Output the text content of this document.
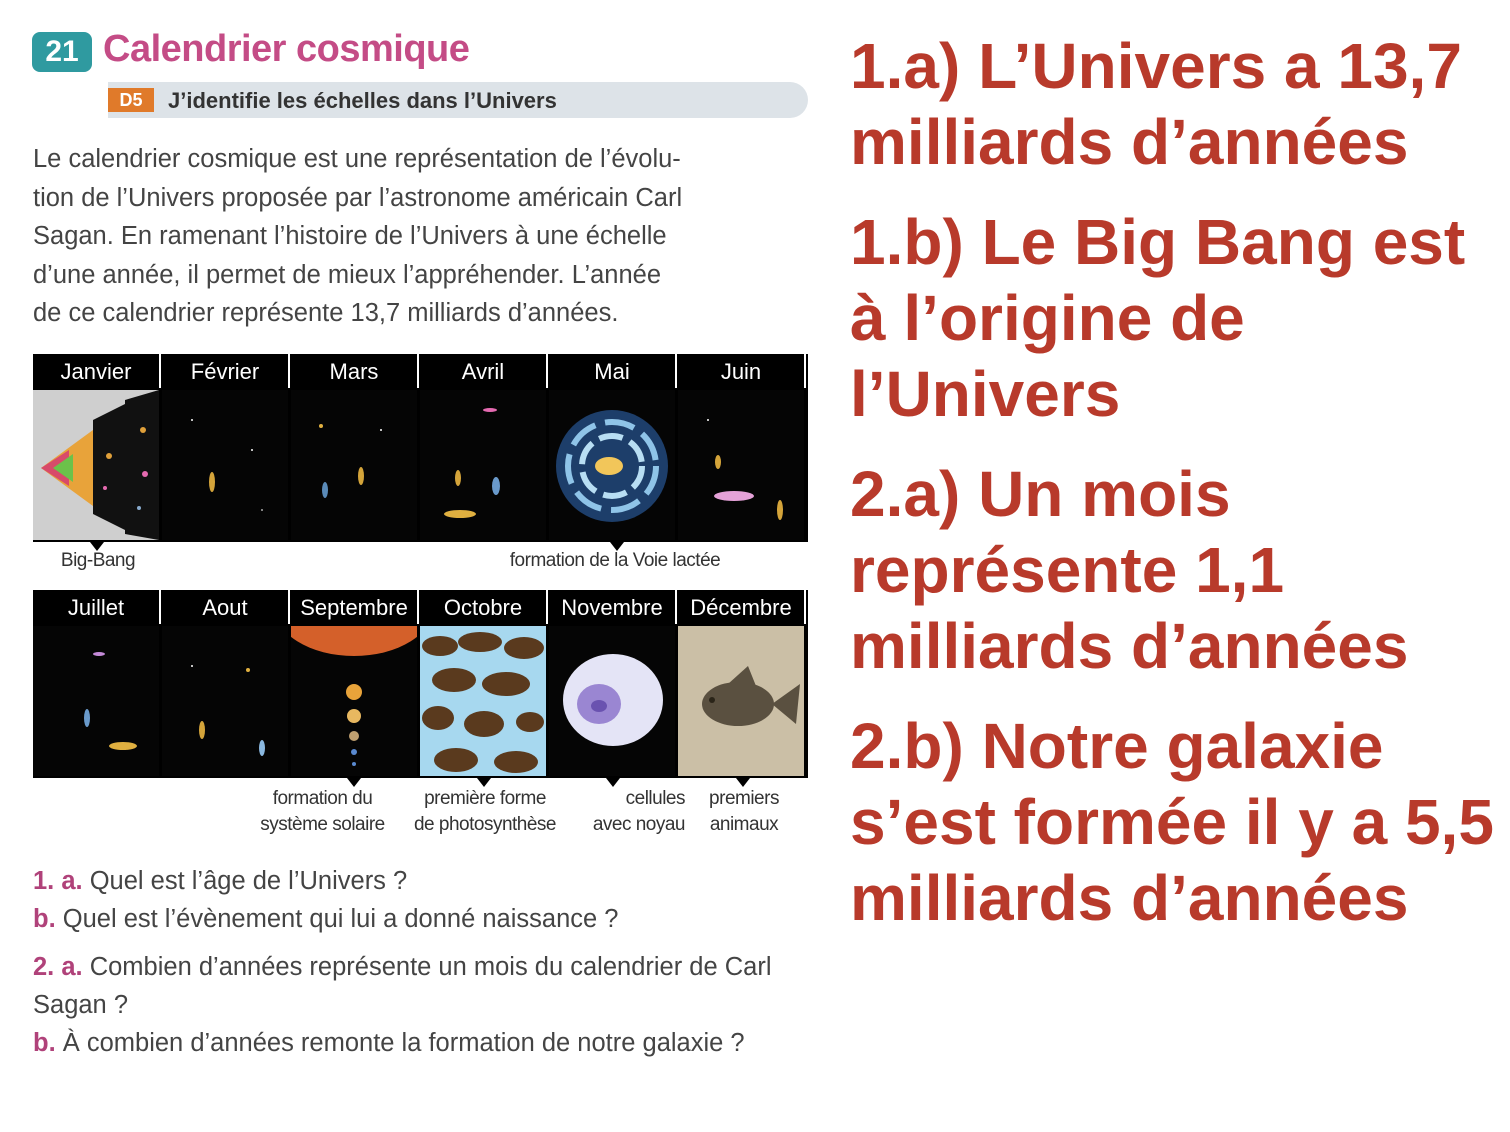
21 Calendrier cosmique
D5	J’identifie les échelles dans l’Univers
Le calendrier cosmique est une représentation de l’évolu-
tion de l’Univers proposée par l’astronome américain Carl
Sagan. En ramenant l’histoire de l’Univers à une échelle
d’une année, il permet de mieux l’appréhender. L’année
de ce calendrier représente 13,7 milliards d’années.
Janvier	Février	Mars	Avril	Mai	Juin
Big-Bang	formation de la Voie lactée
Juillet	Aout	Septembre	Octobre	Novembre	Décembre
formation du
système solaire
première forme
de photosynthèse
cellules
avec noyau
premiers
animaux

1. a. Quel est l’âge de l’Univers ?

b. Quel est l’évènement qui lui a donné naissance ?

2. a. Combien d’années représente un mois du calendrier de Carl Sagan ?

b. À combien d’années remonte la formation de notre galaxie ?

1.a) L’Univers a 13,7 milliards d’années

1.b) Le Big Bang est à l’origine de l’Univers

2.a) Un mois représente 1,1 milliards d’années

2.b) Notre galaxie s’est formée il y a 5,5 milliards d’années
